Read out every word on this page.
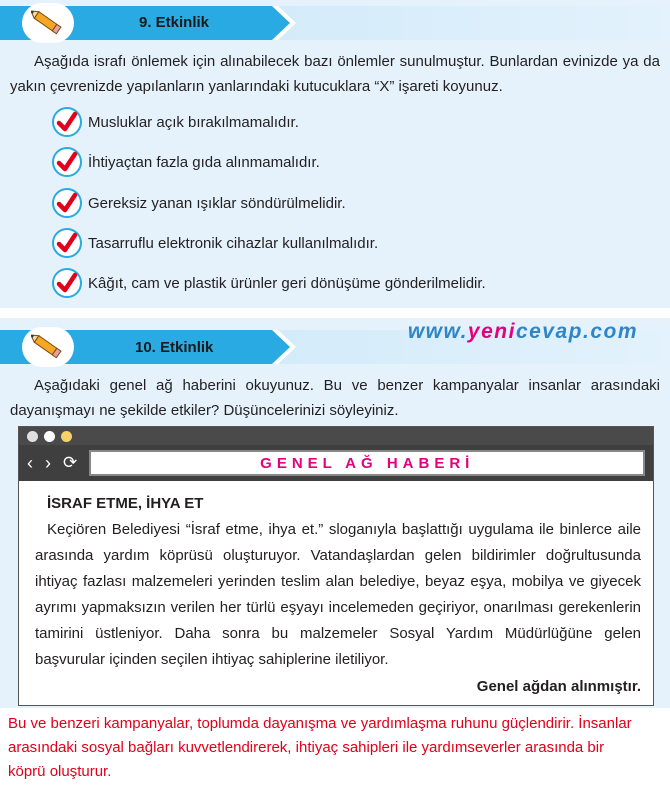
9. Etkinlik
Aşağıda israfı önlemek için alınabilecek bazı önlemler sunulmuştur. Bunlardan evinizde ya da yakın çevrenizde yapılanların yanlarındaki kutucuklara “X” işareti koyunuz.
Musluklar açık bırakılmamalıdır.
İhtiyaçtan fazla gıda alınmamalıdır.
Gereksiz yanan ışıklar söndürülmelidir.
Tasarruflu elektronik cihazlar kullanılmalıdır.
Kâğıt, cam ve plastik ürünler geri dönüşüme gönderilmelidir.
10. Etkinlik
www.yenicevap.com
Aşağıdaki genel ağ haberini okuyunuz. Bu ve benzer kampanyalar insanlar arasındaki dayanışmayı ne şekilde etkiler? Düşüncelerinizi söyleyiniz.
‹ › ⟳	GENEL AĞ HABERİ
İSRAF ETME, İHYA ET
Keçiören Belediyesi “İsraf etme, ihya et.” sloganıyla başlattığı uygulama ile binlerce aile arasında yardım köprüsü oluşturuyor. Vatandaşlardan gelen bildirimler doğrultusunda ihtiyaç fazlası malzemeleri yerinden teslim alan belediye, beyaz eşya, mobilya ve giyecek ayrımı yapmaksızın verilen her türlü eşyayı incelemeden geçiriyor, onarılması gerekenlerin tamirini üstleniyor. Daha sonra bu malzemeler Sosyal Yardım Müdürlüğüne gelen başvurular içinden seçilen ihtiyaç sahiplerine iletiliyor.
Genel ağdan alınmıştır.
Bu ve benzeri kampanyalar, toplumda dayanışma ve yardımlaşma ruhunu güçlendirir. İnsanlar arasındaki sosyal bağları kuvvetlendirerek, ihtiyaç sahipleri ile yardımseverler arasında bir köprü oluşturur.
